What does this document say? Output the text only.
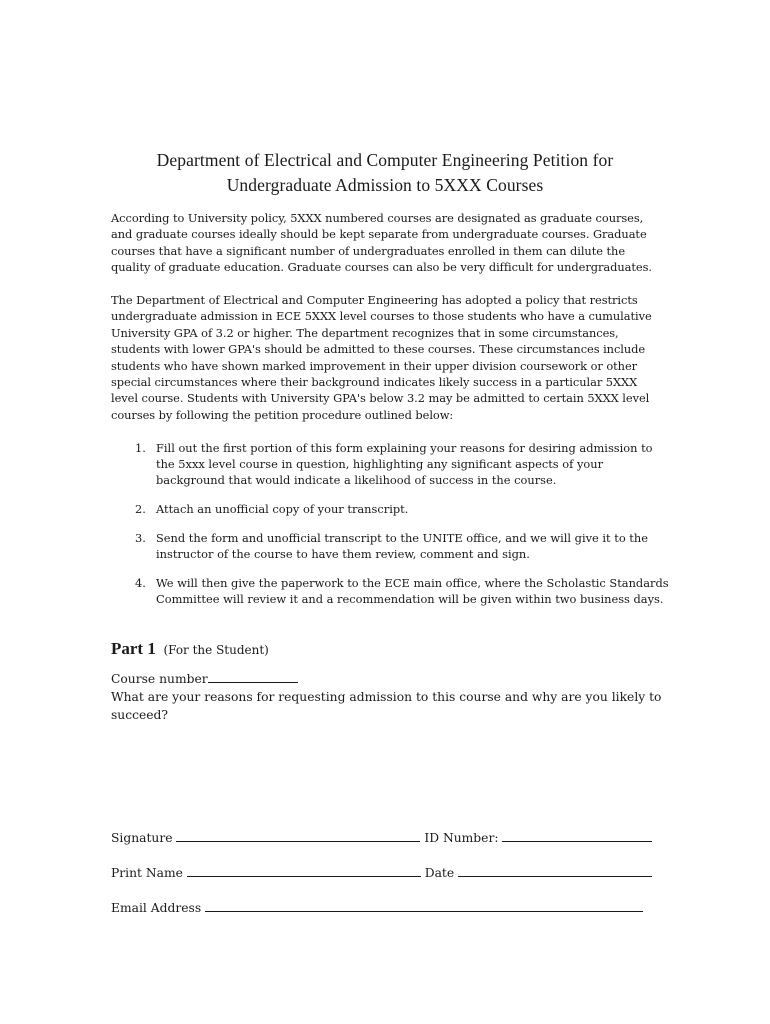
Department of Electrical and Computer Engineering Petition for
Undergraduate Admission to 5XXX Courses

According to University policy, 5XXX numbered courses are designated as graduate courses, and graduate courses ideally should be kept separate from undergraduate courses. Graduate courses that have a significant number of undergraduates enrolled in them can dilute the quality of graduate education. Graduate courses can also be very difficult for undergraduates.

The Department of Electrical and Computer Engineering has adopted a policy that restricts undergraduate admission in ECE 5XXX level courses to those students who have a cumulative University GPA of 3.2 or higher. The department recognizes that in some circumstances, students with lower GPA's should be admitted to these courses. These circumstances include students who have shown marked improvement in their upper division coursework or other special circumstances where their background indicates likely success in a particular 5XXX level course. Students with University GPA's below 3.2 may be admitted to certain 5XXX level courses by following the petition procedure outlined below:

1. Fill out the first portion of this form explaining your reasons for desiring admission to the 5xxx level course in question, highlighting any significant aspects of your background that would indicate a likelihood of success in the course.
2. Attach an unofficial copy of your transcript.
3. Send the form and unofficial transcript to the UNITE office, and we will give it to the instructor of the course to have them review, comment and sign.
4. We will then give the paperwork to the ECE main office, where the Scholastic Standards Committee will review it and a recommendation will be given within two business days.
Part 1 (For the Student)

Course number

What are your reasons for requesting admission to this course and why are you likely to succeed?

Signature	ID Number:
Print Name	Date
Email Address
